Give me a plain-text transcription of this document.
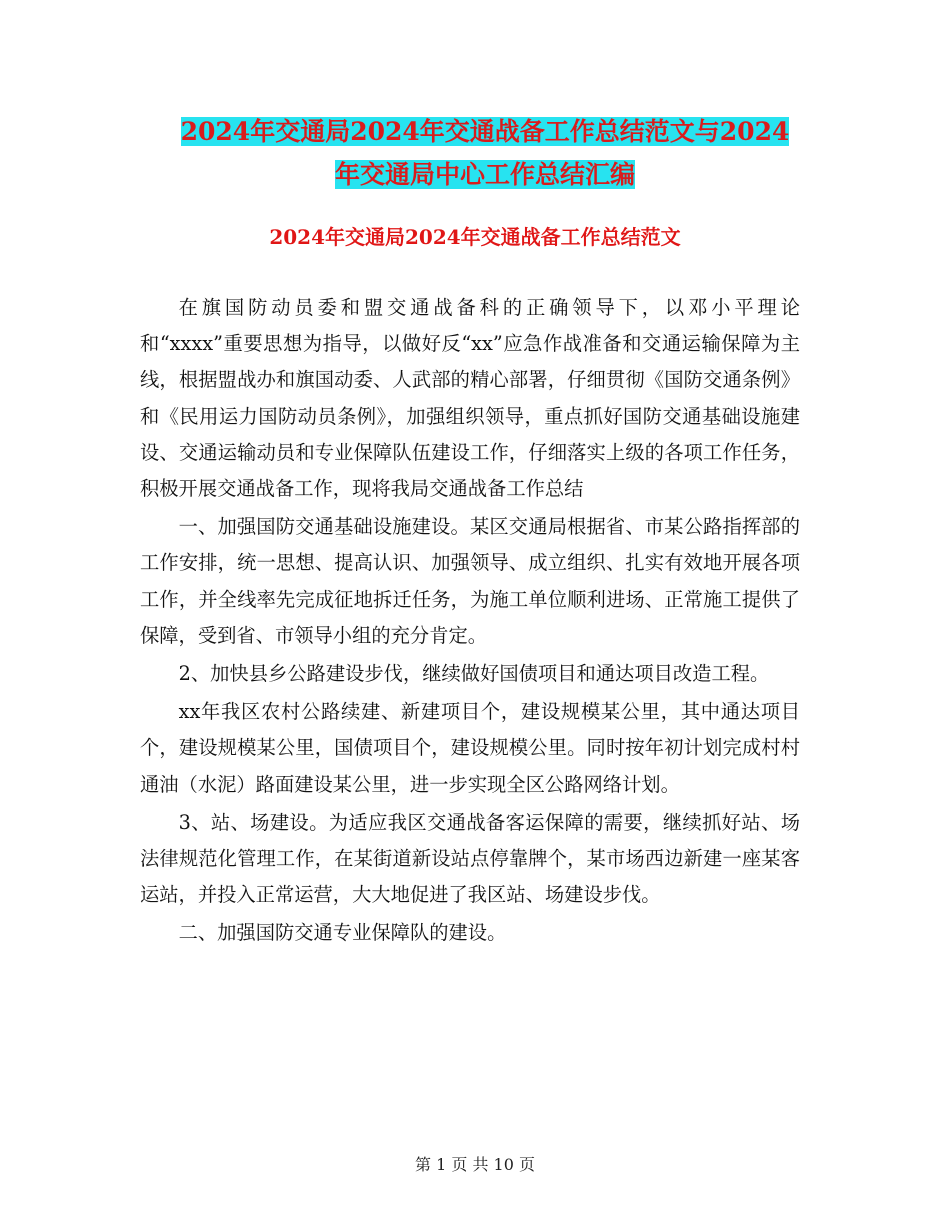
2024年交通局2024年交通战备工作总结范文与2024
年交通局中心工作总结汇编
2024年交通局2024年交通战备工作总结范文

在旗国防动员委和盟交通战备科的正确领导下，以邓小平理论和“xxxx”重要思想为指导，以做好反“xx”应急作战准备和交通运输保障为主线，根据盟战办和旗国动委、人武部的精心部署，仔细贯彻《国防交通条例》和《民用运力国防动员条例》，加强组织领导，重点抓好国防交通基础设施建设、交通运输动员和专业保障队伍建设工作，仔细落实上级的各项工作任务，积极开展交通战备工作，现将我局交通战备工作总结

一、加强国防交通基础设施建设。某区交通局根据省、市某公路指挥部的工作安排，统一思想、提高认识、加强领导、成立组织、扎实有效地开展各项工作，并全线率先完成征地拆迁任务，为施工单位顺利进场、正常施工提供了保障，受到省、市领导小组的充分肯定。

2、加快县乡公路建设步伐，继续做好国债项目和通达项目改造工程。

xx年我区农村公路续建、新建项目个，建设规模某公里，其中通达项目个，建设规模某公里，国债项目个，建设规模公里。同时按年初计划完成村村通油（水泥）路面建设某公里，进一步实现全区公路网络计划。

3、站、场建设。为适应我区交通战备客运保障的需要，继续抓好站、场法律规范化管理工作，在某街道新设站点停靠牌个，某市场西边新建一座某客运站，并投入正常运营，大大地促进了我区站、场建设步伐。

二、加强国防交通专业保障队的建设。

第 1 页 共 10 页
